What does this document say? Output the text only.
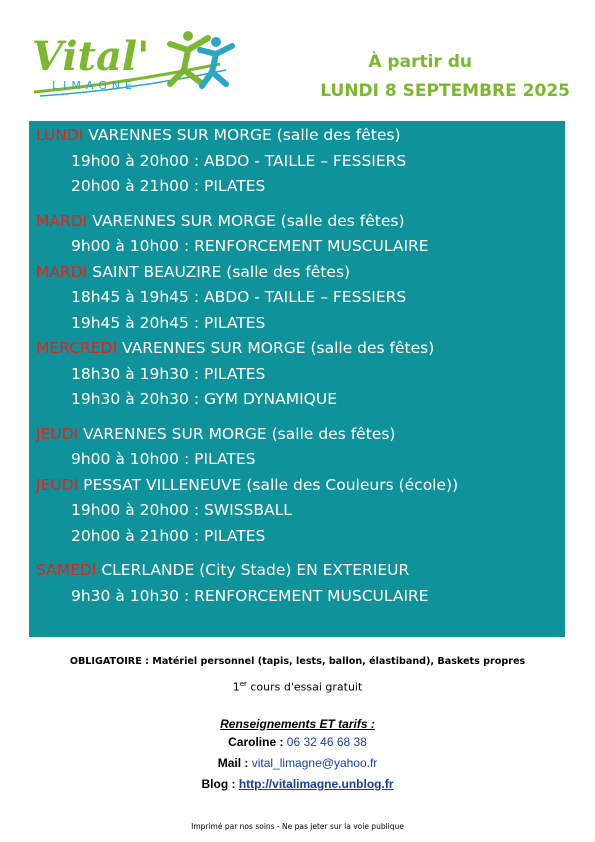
Vital'
LIMAGNE
À partir du
LUNDI 8 SEPTEMBRE 2025
LUNDI VARENNES SUR MORGE (salle des fêtes)
19h00 à 20h00 : ABDO - TAILLE – FESSIERS
20h00 à 21h00 : PILATES
MARDI VARENNES SUR MORGE (salle des fêtes)
9h00 à 10h00 : RENFORCEMENT MUSCULAIRE
MARDI SAINT BEAUZIRE (salle des fêtes)
18h45 à 19h45 : ABDO - TAILLE – FESSIERS
19h45 à 20h45 : PILATES
MERCREDI VARENNES SUR MORGE (salle des fêtes)
18h30 à 19h30 : PILATES
19h30 à 20h30 : GYM DYNAMIQUE
JEUDI VARENNES SUR MORGE (salle des fêtes)
9h00 à 10h00 : PILATES
JEUDI PESSAT VILLENEUVE (salle des Couleurs (école))
19h00 à 20h00 : SWISSBALL
20h00 à 21h00 : PILATES
SAMEDI CLERLANDE (City Stade) EN EXTERIEUR
9h30 à 10h30 : RENFORCEMENT MUSCULAIRE
OBLIGATOIRE : Matériel personnel (tapis, lests, ballon, élastiband), Baskets propres
1er cours d'essai gratuit
Renseignements ET tarifs :
Caroline : 06 32 46 68 38
Mail : vital_limagne@yahoo.fr
Blog : http://vitalimagne.unblog.fr
Imprimé par nos soins - Ne pas jeter sur la voie publique
